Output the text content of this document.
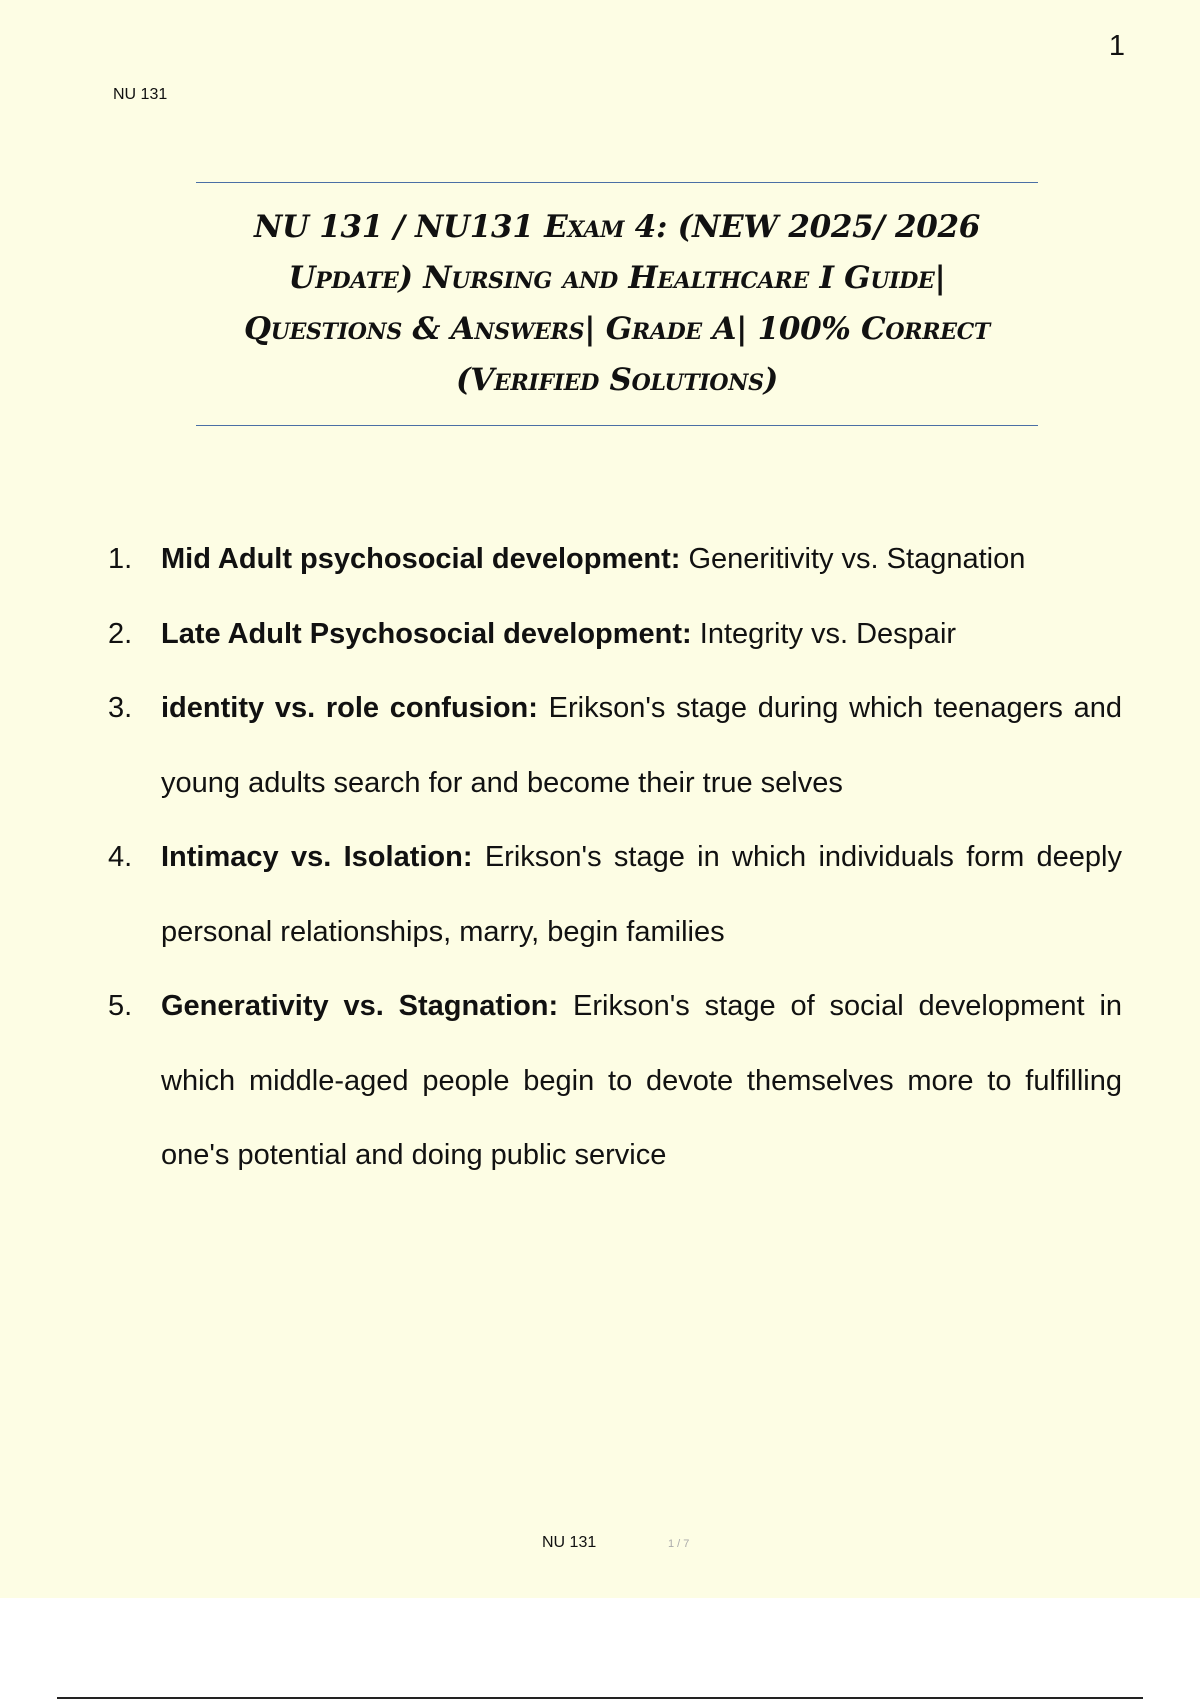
1
NU 131
NU 131 / NU131 Exam 4: (NEW 2025/ 2026 Update) Nursing and Healthcare I Guide| Questions & Answers| Grade A| 100% Correct (Verified Solutions)
1. Mid Adult psychosocial development: Generitivity vs. Stagnation
2. Late Adult Psychosocial development: Integrity vs. Despair
3. identity vs. role confusion: Erikson's stage during which teenagers and young adults search for and become their true selves
4. Intimacy vs. Isolation: Erikson's stage in which individuals form deeply personal relationships, marry, begin families
5. Generativity vs. Stagnation: Erikson's stage of social development in which middle-aged people begin to devote themselves more to fulfilling one's potential and doing public service
NU 131	1 / 7
